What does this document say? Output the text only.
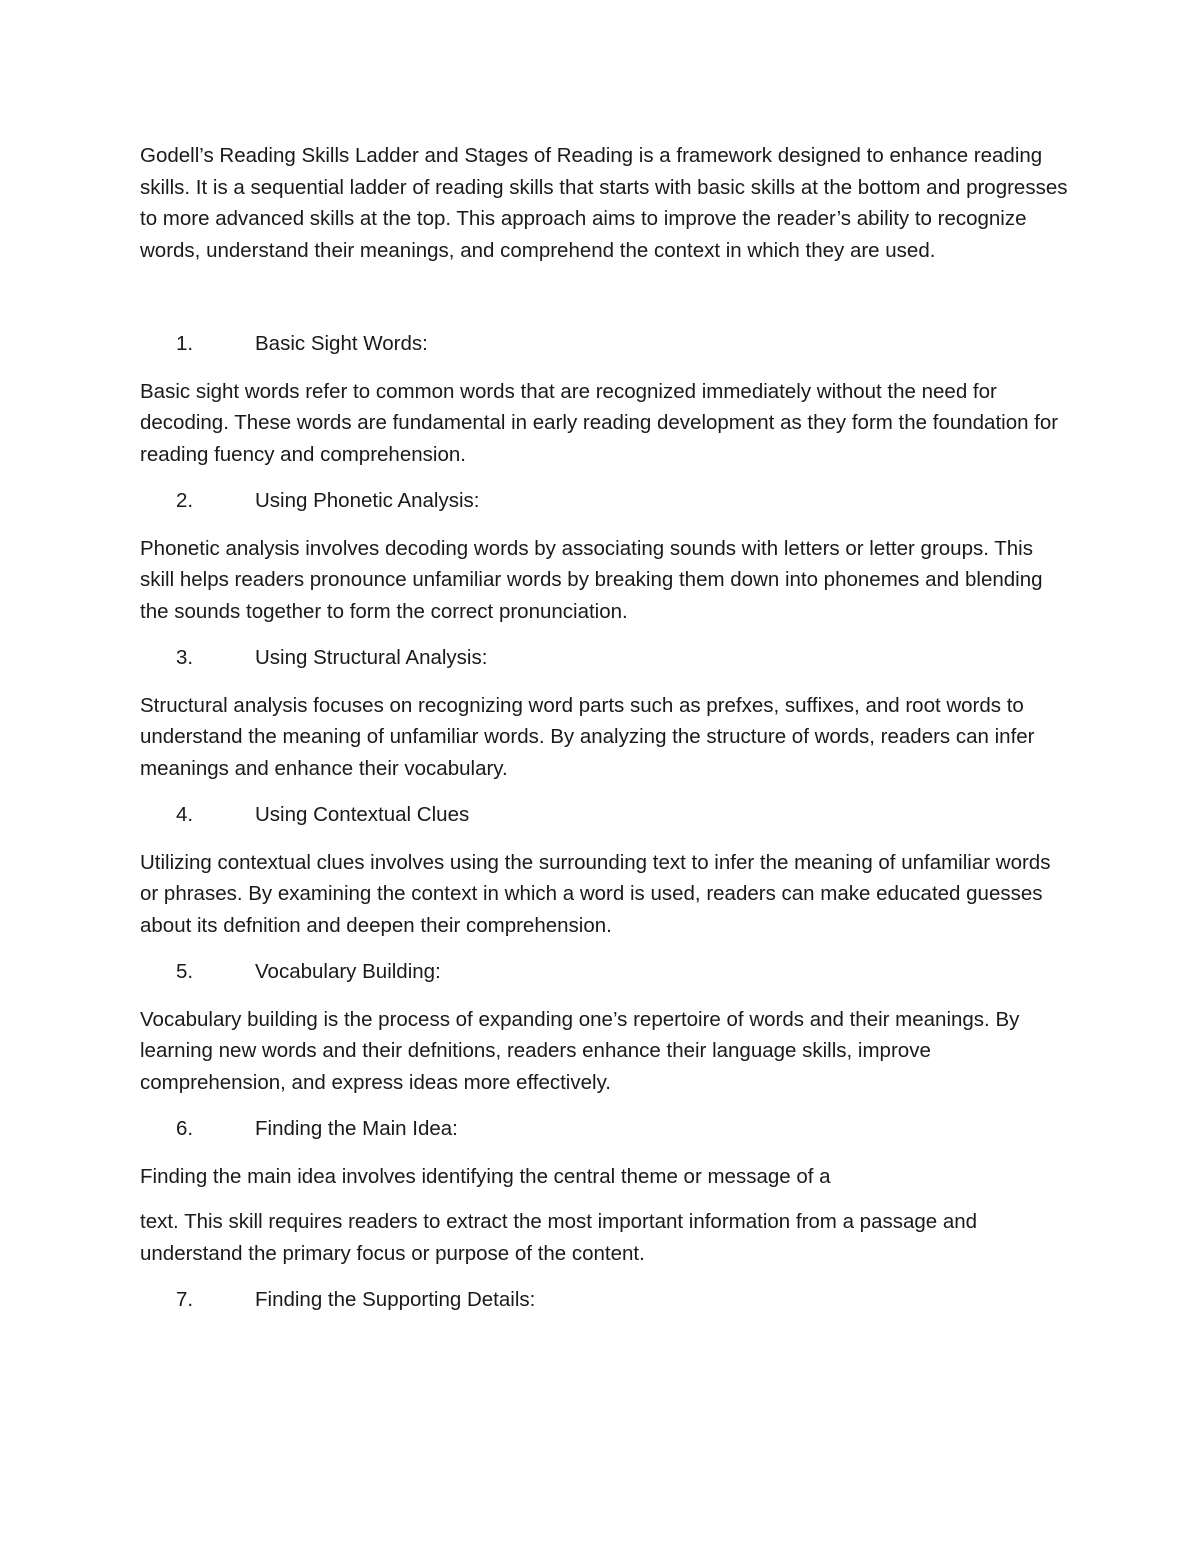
Godell’s Reading Skills Ladder and Stages of Reading is a framework designed to enhance reading skills. It is a sequential ladder of reading skills that starts with basic skills at the bottom and progresses to more advanced skills at the top. This approach aims to improve the reader’s ability to recognize words, understand their meanings, and comprehend the context in which they are used.

1.	Basic Sight Words:

Basic sight words refer to common words that are recognized immediately without the need for decoding. These words are fundamental in early reading development as they form the foundation for reading fuency and comprehension.

2.	Using Phonetic Analysis:

Phonetic analysis involves decoding words by associating sounds with letters or letter groups. This skill helps readers pronounce unfamiliar words by breaking them down into phonemes and blending the sounds together to form the correct pronunciation.

3.	Using Structural Analysis:

Structural analysis focuses on recognizing word parts such as prefxes, suffixes, and root words to understand the meaning of unfamiliar words. By analyzing the structure of words, readers can infer meanings and enhance their vocabulary.

4.	Using Contextual Clues

Utilizing contextual clues involves using the surrounding text to infer the meaning of unfamiliar words or phrases. By examining the context in which a word is used, readers can make educated guesses about its defnition and deepen their comprehension.

5.	Vocabulary Building:

Vocabulary building is the process of expanding one’s repertoire of words and their meanings. By learning new words and their defnitions, readers enhance their language skills, improve comprehension, and express ideas more effectively.

6.	Finding the Main Idea:

Finding the main idea involves identifying the central theme or message of a

text. This skill requires readers to extract the most important information from a passage and understand the primary focus or purpose of the content.

7.	Finding the Supporting Details:
